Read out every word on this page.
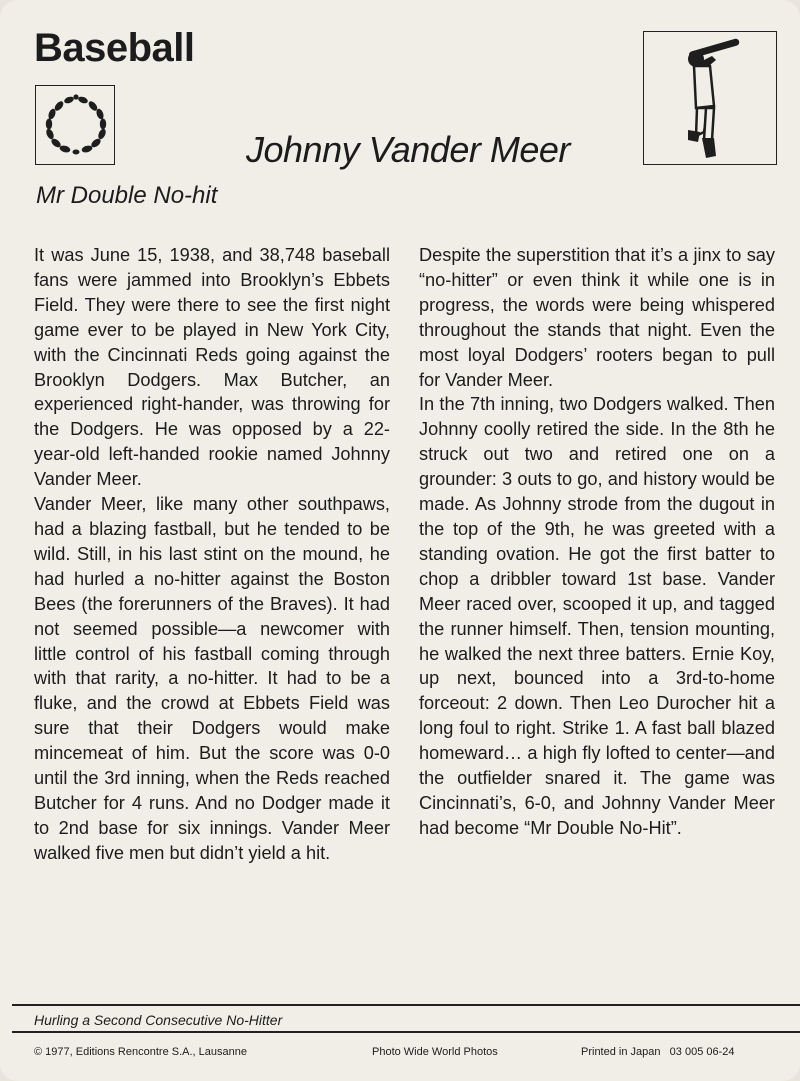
Baseball
Johnny Vander Meer
Mr Double No-hit

It was June 15, 1938, and 38,748 baseball fans were jammed into Brooklyn’s Ebbets Field. They were there to see the first night game ever to be played in New York City, with the Cincinnati Reds going against the Brooklyn Dodgers. Max Butcher, an experienced right-hander, was throwing for the Dodgers. He was opposed by a 22-year-old left-handed rookie named Johnny Vander Meer.

Vander Meer, like many other southpaws, had a blazing fastball, but he tended to be wild. Still, in his last stint on the mound, he had hurled a no-hitter against the Boston Bees (the forerunners of the Braves). It had not seemed possible—a newcomer with little control of his fastball coming through with that rarity, a no-hitter. It had to be a fluke, and the crowd at Ebbets Field was sure that their Dodgers would make mincemeat of him. But the score was 0-0 until the 3rd inning, when the Reds reached Butcher for 4 runs. And no Dodger made it to 2nd base for six innings. Vander Meer walked five men but didn’t yield a hit.

Despite the superstition that it’s a jinx to say “no-hitter” or even think it while one is in progress, the words were being whispered throughout the stands that night. Even the most loyal Dodgers’ rooters began to pull for Vander Meer.

In the 7th inning, two Dodgers walked. Then Johnny coolly retired the side. In the 8th he struck out two and retired one on a grounder: 3 outs to go, and history would be made. As Johnny strode from the dugout in the top of the 9th, he was greeted with a standing ovation. He got the first batter to chop a dribbler toward 1st base. Vander Meer raced over, scooped it up, and tagged the runner himself. Then, tension mounting, he walked the next three batters. Ernie Koy, up next, bounced into a 3rd-to-home forceout: 2 down. Then Leo Durocher hit a long foul to right. Strike 1. A fast ball blazed homeward… a high fly lofted to center—and the outfielder snared it. The game was Cincinnati’s, 6-0, and Johnny Vander Meer had become “Mr Double No-Hit”.

Hurling a Second Consecutive No-Hitter
© 1977, Editions Rencontre S.A., Lausanne	Photo Wide World Photos	Printed in Japan   03 005 06-24
